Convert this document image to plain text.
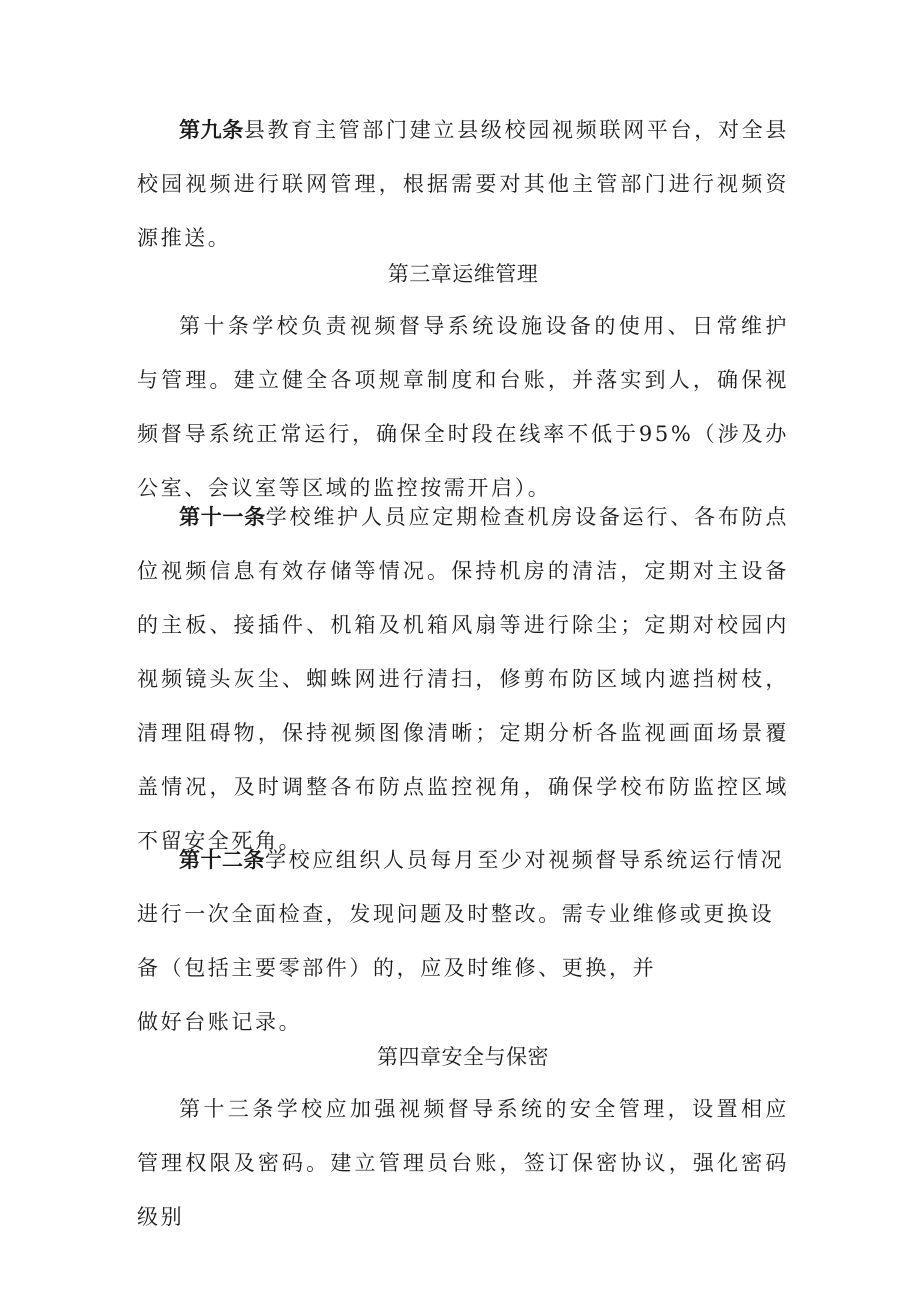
第九条县教育主管部门建立县级校园视频联网平台，对全县校园视频进行联网管理，根据需要对其他主管部门进行视频资源推送。

第三章运维管理

第十条学校负责视频督导系统设施设备的使用、日常维护与管理。建立健全各项规章制度和台账，并落实到人，确保视频督导系统正常运行，确保全时段在线率不低于95%（涉及办公室、会议室等区域的监控按需开启）。

第十一条学校维护人员应定期检查机房设备运行、各布防点位视频信息有效存储等情况。保持机房的清洁，定期对主设备的主板、接插件、机箱及机箱风扇等进行除尘；定期对校园内视频镜头灰尘、蜘蛛网进行清扫，修剪布防区域内遮挡树枝，清理阻碍物，保持视频图像清晰；定期分析各监视画面场景覆盖情况，及时调整各布防点监控视角，确保学校布防监控区域不留安全死角。

第十二条学校应组织人员每月至少对视频督导系统运行情况进行一次全面检查，发现问题及时整改。需专业维修或更换设备（包括主要零部件）的，应及时维修、更换，并

做好台账记录。

第四章安全与保密

第十三条学校应加强视频督导系统的安全管理，设置相应管理权限及密码。建立管理员台账，签订保密协议，强化密码级别
